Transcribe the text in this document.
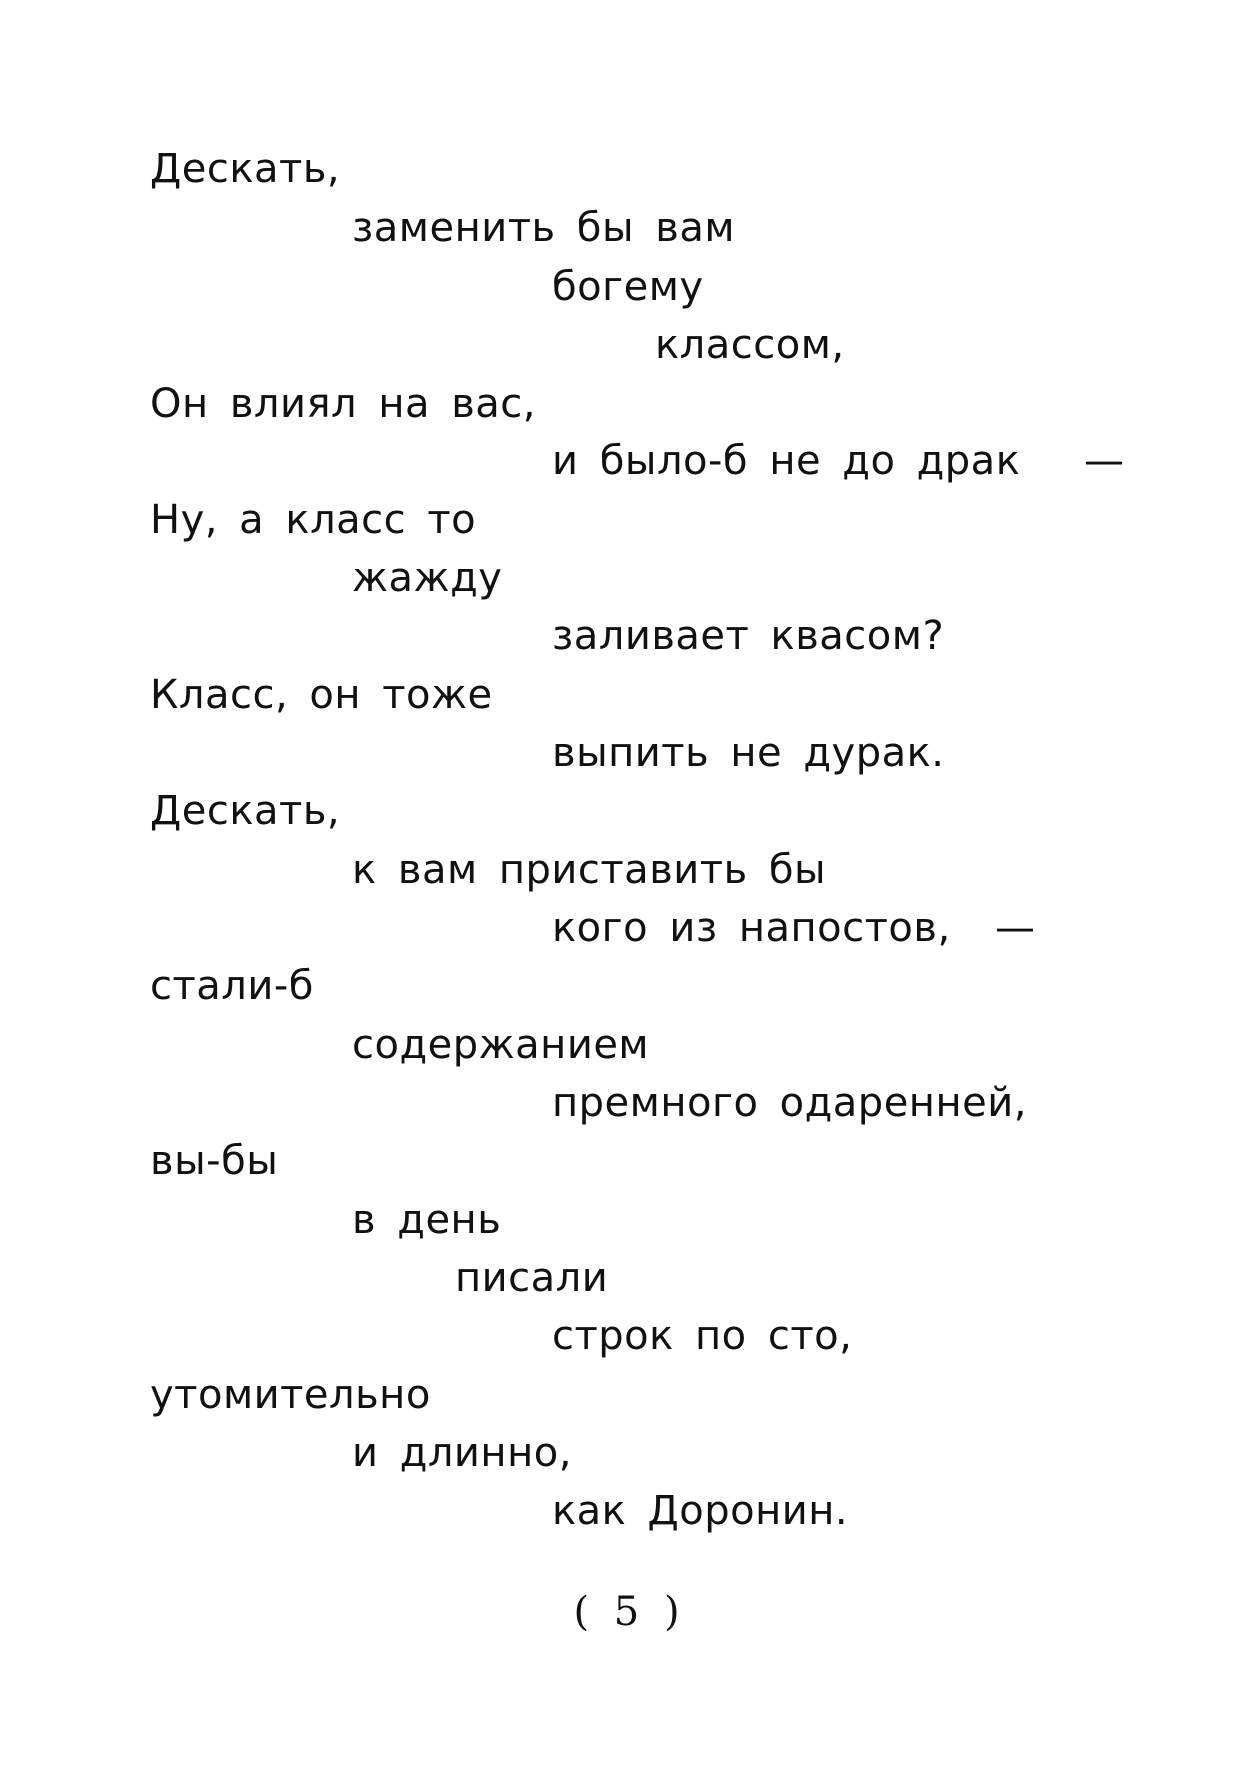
Дескать,
заменить бы вам
богему
классом,
Он влиял на вас,
и было-б не до драк —
Ну, а класс то
жажду
заливает квасом?
Класс, он тоже
выпить не дурак.
Дескать,
к вам приставить бы
кого из напостов, —
стали-б
содержанием
премного одаренней,
вы-бы
в день
писали
строк по сто,
утомительно
и длинно,
как Доронин.
( 5 )
